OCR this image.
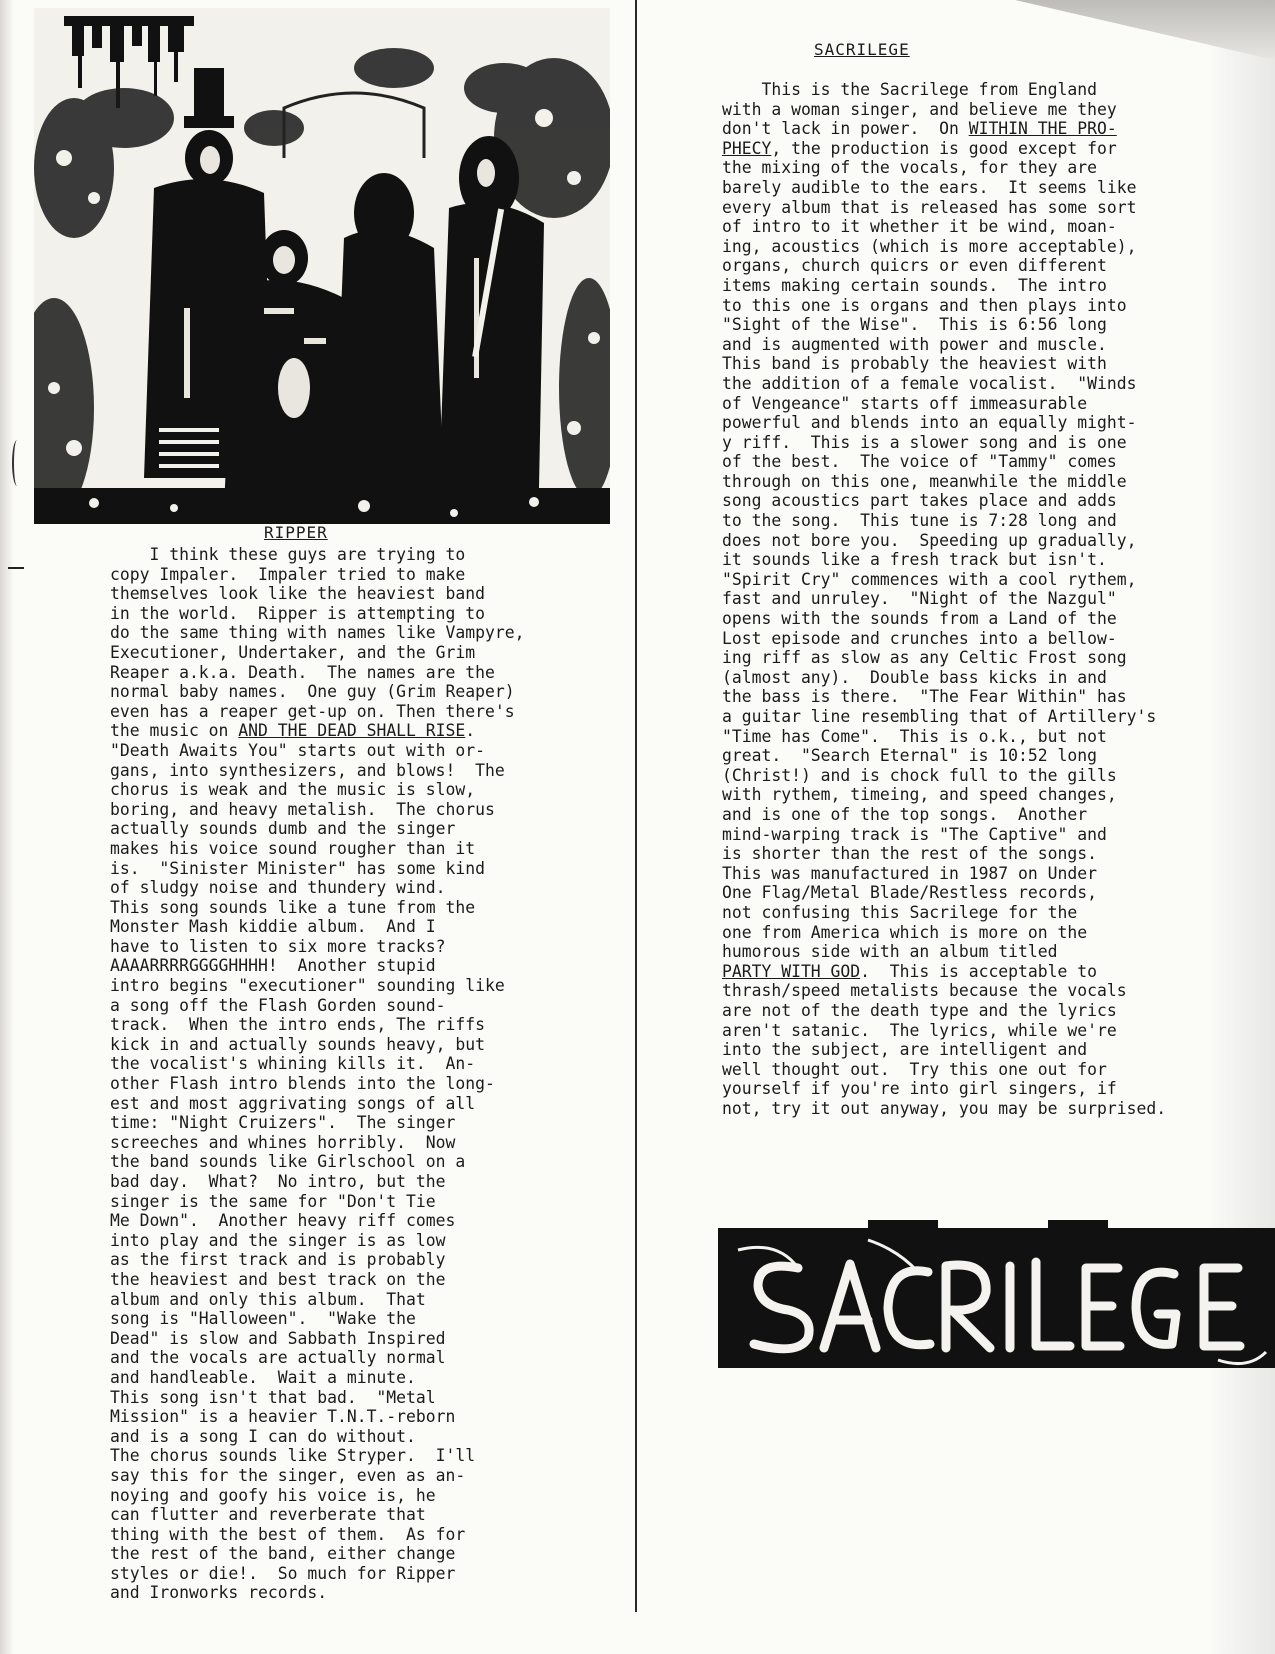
RIPPER
I think these guys are trying to
copy Impaler.  Impaler tried to make
themselves look like the heaviest band
in the world.  Ripper is attempting to
do the same thing with names like Vampyre,
Executioner, Undertaker, and the Grim
Reaper a.k.a. Death.  The names are the
normal baby names.  One guy (Grim Reaper)
even has a reaper get-up on. Then there's
the music on AND THE DEAD SHALL RISE.
"Death Awaits You" starts out with or-
gans, into synthesizers, and blows!  The
chorus is weak and the music is slow,
boring, and heavy metalish.  The chorus
actually sounds dumb and the singer
makes his voice sound rougher than it
is.  "Sinister Minister" has some kind
of sludgy noise and thundery wind.
This song sounds like a tune from the
Monster Mash kiddie album.  And I
have to listen to six more tracks?
AAAARRRRGGGGHHHH!  Another stupid
intro begins "executioner" sounding like
a song off the Flash Gorden sound-
track.  When the intro ends, The riffs
kick in and actually sounds heavy, but
the vocalist's whining kills it.  An-
other Flash intro blends into the long-
est and most aggrivating songs of all
time: "Night Cruizers".  The singer
screeches and whines horribly.  Now
the band sounds like Girlschool on a
bad day.  What?  No intro, but the
singer is the same for "Don't Tie
Me Down".  Another heavy riff comes
into play and the singer is as low
as the first track and is probably
the heaviest and best track on the
album and only this album.  That
song is "Halloween".  "Wake the
Dead" is slow and Sabbath Inspired
and the vocals are actually normal
and handleable.  Wait a minute.
This song isn't that bad.  "Metal
Mission" is a heavier T.N.T.-reborn
and is a song I can do without.
The chorus sounds like Stryper.  I'll
say this for the singer, even as an-
noying and goofy his voice is, he
can flutter and reverberate that
thing with the best of them.  As for
the rest of the band, either change
styles or die!.  So much for Ripper
and Ironworks records.
SACRILEGE
This is the Sacrilege from England
with a woman singer, and believe me they
don't lack in power.  On WITHIN THE PRO-
PHECY, the production is good except for
the mixing of the vocals, for they are
barely audible to the ears.  It seems like
every album that is released has some sort
of intro to it whether it be wind, moan-
ing, acoustics (which is more acceptable),
organs, church quicrs or even different
items making certain sounds.  The intro
to this one is organs and then plays into
"Sight of the Wise".  This is 6:56 long
and is augmented with power and muscle.
This band is probably the heaviest with
the addition of a female vocalist.  "Winds
of Vengeance" starts off immeasurable
powerful and blends into an equally might-
y riff.  This is a slower song and is one
of the best.  The voice of "Tammy" comes
through on this one, meanwhile the middle
song acoustics part takes place and adds
to the song.  This tune is 7:28 long and
does not bore you.  Speeding up gradually,
it sounds like a fresh track but isn't.
"Spirit Cry" commences with a cool rythem,
fast and unruley.  "Night of the Nazgul"
opens with the sounds from a Land of the
Lost episode and crunches into a bellow-
ing riff as slow as any Celtic Frost song
(almost any).  Double bass kicks in and
the bass is there.  "The Fear Within" has
a guitar line resembling that of Artillery's
"Time has Come".  This is o.k., but not
great.  "Search Eternal" is 10:52 long
(Christ!) and is chock full to the gills
with rythem, timeing, and speed changes,
and is one of the top songs.  Another
mind-warping track is "The Captive" and
is shorter than the rest of the songs.
This was manufactured in 1987 on Under
One Flag/Metal Blade/Restless records,
not confusing this Sacrilege for the
one from America which is more on the
humorous side with an album titled
PARTY WITH GOD.  This is acceptable to
thrash/speed metalists because the vocals
are not of the death type and the lyrics
aren't satanic.  The lyrics, while we're
into the subject, are intelligent and
well thought out.  Try this one out for
yourself if you're into girl singers, if
not, try it out anyway, you may be surprised.
